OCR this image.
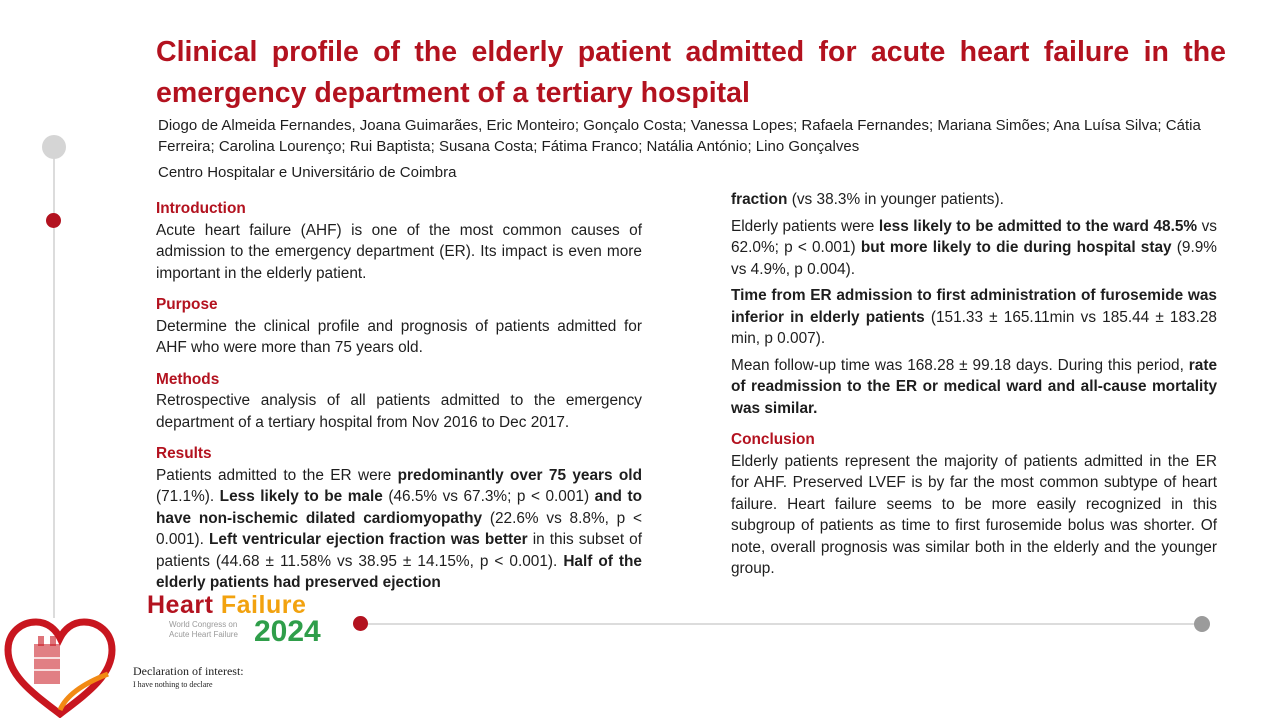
Clinical profile of the elderly patient admitted for acute heart failure in the emergency department of a tertiary hospital
Diogo de Almeida Fernandes, Joana Guimarães, Eric Monteiro; Gonçalo Costa; Vanessa Lopes; Rafaela Fernandes; Mariana Simões; Ana Luísa Silva; Cátia Ferreira; Carolina Lourenço; Rui Baptista; Susana Costa; Fátima Franco; Natália António; Lino Gonçalves
Centro Hospitalar e Universitário de Coimbra
Introduction

Acute heart failure (AHF) is one of the most common causes of admission to the emergency department (ER). Its impact is even more important in the elderly patient.

Purpose

Determine the clinical profile and prognosis of patients admitted for AHF who were more than 75 years old.

Methods

Retrospective analysis of all patients admitted to the emergency department of a tertiary hospital from Nov 2016 to Dec 2017.

Results

Patients admitted to the ER were predominantly over 75 years old (71.1%). Less likely to be male (46.5% vs 67.3%; p < 0.001) and to have non-ischemic dilated cardiomyopathy (22.6% vs 8.8%, p < 0.001). Left ventricular ejection fraction was better in this subset of patients (44.68 ± 11.58% vs 38.95 ± 14.15%, p < 0.001). Half of the elderly patients had preserved ejection

fraction (vs 38.3% in younger patients).

Elderly patients were less likely to be admitted to the ward 48.5% vs 62.0%; p < 0.001) but more likely to die during hospital stay (9.9% vs 4.9%, p 0.004).

Time from ER admission to first administration of furosemide was inferior in elderly patients (151.33 ± 165.11min vs 185.44 ± 183.28 min, p 0.007).

Mean follow-up time was 168.28 ± 99.18 days. During this period, rate of readmission to the ER or medical ward and all-cause mortality was similar.

Conclusion

Elderly patients represent the majority of patients admitted in the ER for AHF. Preserved LVEF is by far the most common subtype of heart failure. Heart failure seems to be more easily recognized in this subgroup of patients as time to first furosemide bolus was shorter. Of note, overall prognosis was similar both in the elderly and the younger group.

Heart Failure
World Congress on
Acute Heart Failure 2024
Declaration of interest:
I have nothing to declare
